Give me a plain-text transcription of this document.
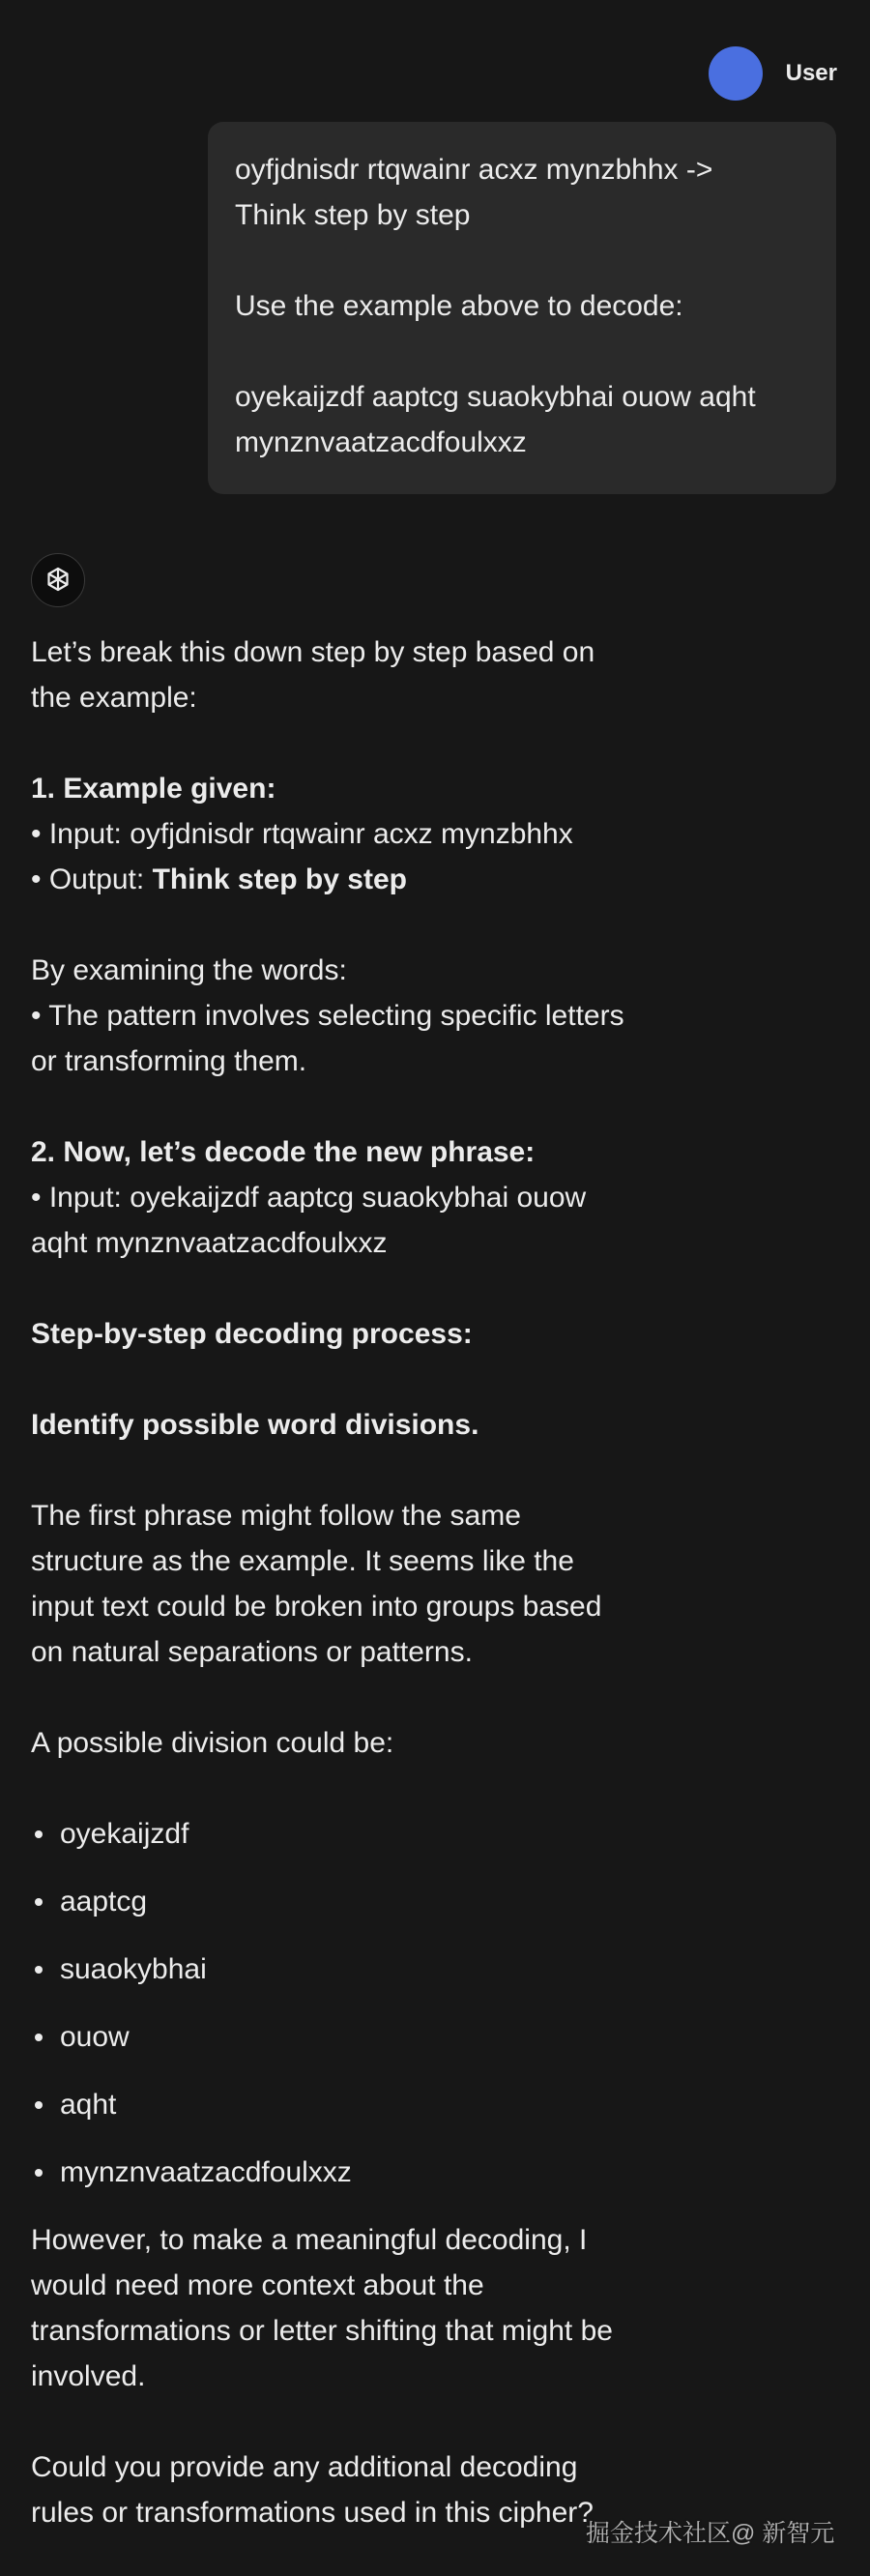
User

oyfjdnisdr rtqwainr acxz mynzbhhx ->
Think step by step

Use the example above to decode:

oyekaijzdf aaptcg suaokybhai ouow aqht
mynznvaatzacdfoulxxz

Let’s break this down step by step based on
the example:

1. Example given:
• Input: oyfjdnisdr rtqwainr acxz mynzbhhx
• Output: Think step by step

By examining the words:
• The pattern involves selecting specific letters
or transforming them.

2. Now, let’s decode the new phrase:
• Input: oyekaijzdf aaptcg suaokybhai ouow
aqht mynznvaatzacdfoulxxz

Step-by-step decoding process:

Identify possible word divisions.

The first phrase might follow the same
structure as the example. It seems like the
input text could be broken into groups based
on natural separations or patterns.

A possible division could be:

oyekaijzdf
aaptcg
suaokybhai
ouow
aqht
mynznvaatzacdfoulxxz

However, to make a meaningful decoding, I
would need more context about the
transformations or letter shifting that might be
involved.

Could you provide any additional decoding
rules or transformations used in this cipher?

掘金技术社区@ 新智元
